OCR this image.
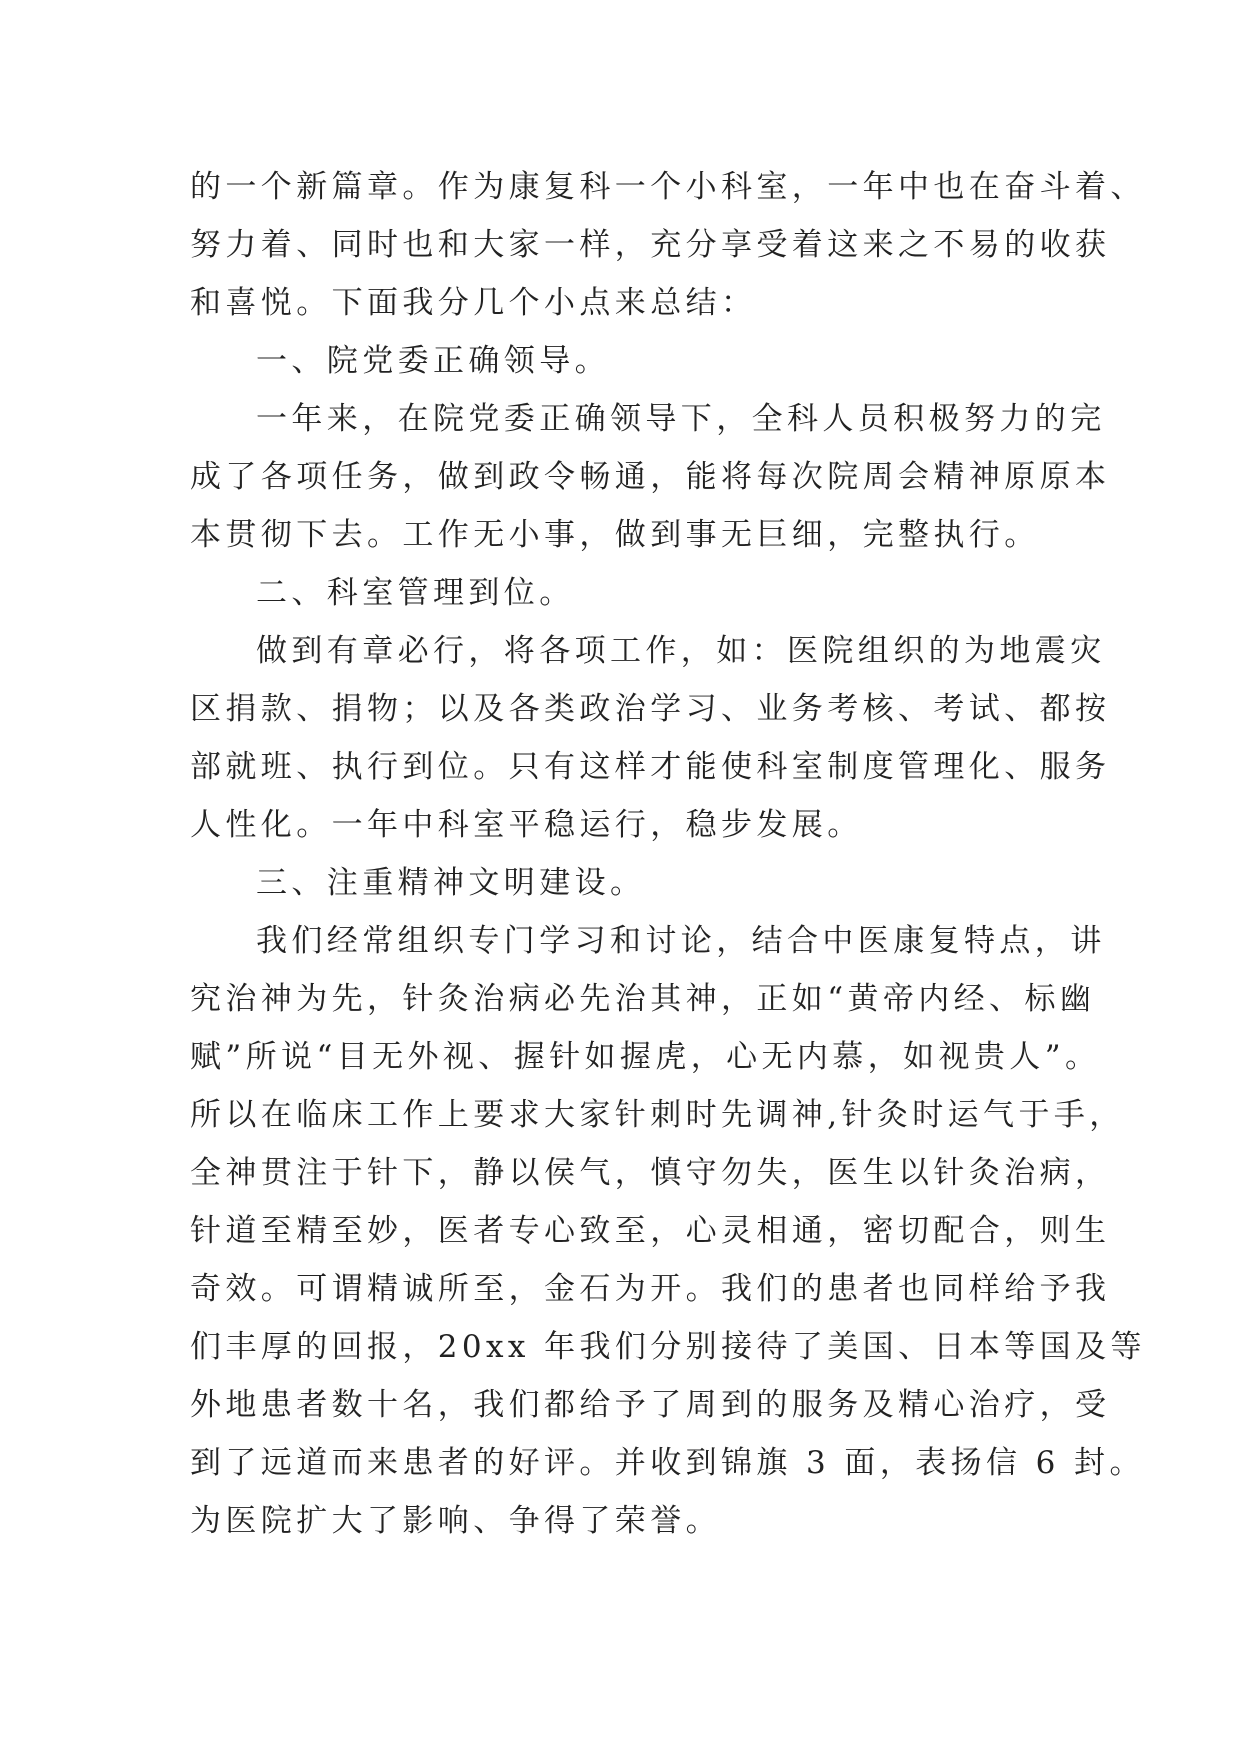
的一个新篇章。作为康复科一个小科室，一年中也在奋斗着、
努力着、同时也和大家一样，充分享受着这来之不易的收获
和喜悦。下面我分几个小点来总结：
一、院党委正确领导。
一年来，在院党委正确领导下，全科人员积极努力的完
成了各项任务，做到政令畅通，能将每次院周会精神原原本
本贯彻下去。工作无小事，做到事无巨细，完整执行。
二、科室管理到位。
做到有章必行，将各项工作，如：医院组织的为地震灾
区捐款、捐物；以及各类政治学习、业务考核、考试、都按
部就班、执行到位。只有这样才能使科室制度管理化、服务
人性化。一年中科室平稳运行，稳步发展。
三、注重精神文明建设。
我们经常组织专门学习和讨论，结合中医康复特点，讲
究治神为先，针灸治病必先治其神，正如“黄帝内经、标幽
赋”所说“目无外视、握针如握虎，心无内慕，如视贵人”。
所以在临床工作上要求大家针刺时先调神,针灸时运气于手，
全神贯注于针下，静以侯气，慎守勿失，医生以针灸治病，
针道至精至妙，医者专心致至，心灵相通，密切配合，则生
奇效。可谓精诚所至，金石为开。我们的患者也同样给予我
们丰厚的回报，20xx 年我们分别接待了美国、日本等国及等
外地患者数十名，我们都给予了周到的服务及精心治疗，受
到了远道而来患者的好评。并收到锦旗 3 面，表扬信 6 封。
为医院扩大了影响、争得了荣誉。
